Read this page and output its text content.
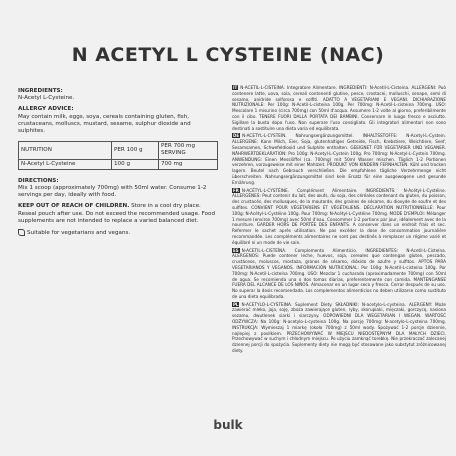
N ACETYL L CYSTEINE (NAC)

INGREDIENTS:

N-Acetyl L-Cysteine.

ALLERGY ADVICE:

May contain milk, eggs, soya, cereals containing gluten, fish, crustaceans, molluscs, mustard, sesame, sulphur dioxide and sulphites.

NUTRITION	PER 100 g	PER 700 mg SERVING
N-Acetyl L-Cysteine	100 g	700 mg

DIRECTIONS:

Mix 1 scoop (approximately 700mg) with 50ml water. Consume 1-2 servings per day, ideally with food.

KEEP OUT OF REACH OF CHILDREN. Store in a cool dry place. Reseal pouch after use. Do not exceed the recommended usage. Food supplements are not intended to replace a varied balanced diet.

Suitable for vegetarians and vegans.
IT N-ACETIL-L-CISTEINA. Integratore Alimentare. INGREDIENTI: N-Acetil-L-Cisteina. ALLERGENI: Può contenere latte, uova, soia, cereali contenenti glutine, pesce, crostacei, molluschi, senape, semi di sesamo, anidride solforosa e solfiti. ADATTO A VEGETARIANI E VEGANI. DICHIARAZIONE NUTRIZIONALE: Per 100g: N-Acetil-L-cisteina 100g. Per 700mg: N-Acetil-L-cisteina 700mg. USO: Mescolare 1 misurino (circa 700mg) con 50ml d'acqua. Assumere 1-2 volte al giorno, preferibilmente con il cibo. TENERE FUORI DALLA PORTATA DEI BAMBINI. Conservare in luogo fresco e asciutto. Sigillare la busta dopo l'uso. Non superare l'uso consigliato. Gli integratori alimentari non sono destinati a sostituire una dieta varia ed equilibrata.
DE N-ACETYL-L-CYSTEIN. Nahrungsergänzungsmittel. INHALTSSTOFFE: N-Acetyl-L-Cystein. ALLERGENE: Kann Milch, Eier, Soja, glutenhaltiges Getreide, Fisch, Krebstiere, Weichtiere, Senf, Sesamsamen, Schwefeldioxid und Sulphite enthalten. GEEIGNET FÜR VEGETARIER UND VEGANER. NÄHRWERTDEKLARATION: Pro 100g: N-Acetyl-L-Cystein 100g. Pro 700mg: N-Acetyl-L-Cystein 700mg. ANWENDUNG: Einen Messlöffel (ca. 700mg) mit 50ml Wasser mischen. Täglich 1-2 Portionen verzehren, vorzugsweise mit einer Mahlzeit. PRODUKT VON KINDERN FERNHALTEN. Kühl und trocken lagern. Beutel nach Gebrauch verschließen. Die empfohlene tägliche Verzehrmenge nicht überschreiten. Nahrungsergänzungsmittel sind kein Ersatz für eine ausgewogene und gesunde Ernährung.
FR N-ACÉTYL-L-CYSTÉINE. Complément Alimentaire. INGRÉDIENTS: N-Acétyl-L-Cystéine. ALLERGÈNES: Peut contenir du lait, des œufs, du soja, des céréales contenant du gluten, du poisson, des crustacés, des mollusques, de la moutarde, des graines de sésame, du dioxyde de soufre et des sulfites. CONVIENT POUR VÉGÉTARIENS ET VÉGÉTALIENS. DÉCLARATION NUTRITIONNELLE: Pour 100g: N-Acétyl-L-Cystéine 100g. Pour 700mg: N-Acétyl-L-Cystéine 700mg. MODE D'EMPLOI: Mélanger 1 mesure (environ 700mg) avec 50ml d'eau. Consommer 1-2 portions par jour, idéalement avec de la nourriture. GARDER HORS DE PORTÉE DES ENFANTS. A conserver dans un endroit frais et sec. Refermer le sachet après utilisation. Ne pas excéder la dose de consommation journalière recommandée. Les compléments alimentaires ne sont pas destinés à remplacer un régime varié et équilibré ni un mode de vie sain.
ES N-ACETIL-L-CISTEÍNA. Complemento Alimenticio. INGREDIENTES: N-Acetil-L-Cisteína. ALÉRGENOS: Puede contener leche, huevos, soja, cereales que contengan gluten, pescado, crustáceos, moluscos, mostaza, granos de sésamo, dióxido de azufre y sulfitos. APTOS PARA VEGETARIANOS Y VEGANOS. INFORMACIÓN NUTRICIONAL: Por 100g: N-Acetil-L-cisteína 100g. Por 700mg: N-Acetil-L-cisteína 700mg. USO: Mezclar 1 cucharada (aproximadamente 700mg) con 50ml de agua. Se recomienda una o dos tomas diarias, preferentemente con comida. MANTENGANSE FUERA DEL ALCANCE DE LOS NIÑOS. Almacenar en un lugar seco y fresco. Cerrar después de su uso. No superar la dosis recomendada. Los complementos alimenticios no deben utilizarse como sustituto de una dieta equilibrada.
PL N-ACETYLO-L-CYSTEINA. Suplement Diety. SKŁADNIKI: N-acetylo-L-cysteina. ALERGENY: Może zawierać mleko, jaja, soję, zboża zawierające gluten, ryby, skorupiaki, mięczaki, gorczycę, nasiona sezamu, dwutlenek siarki i siarczyny. ODPOWIEDNI DLA WEGETARIAN I WEGAN. WARTOŚĆ ODŻYWCZA: Na 100g: N-acetylo-L-cysteina 100g. Na porcję 700mg: N-acetylo-L-cysteina 700mg. INSTRUKCJA: Wymieszaj 1 miarkę (około 700mg) z 50ml wody. Spożywać 1-2 porcje dziennie, najlepiej z posiłkiem. PRZECHOWYWAĆ W MIEJSCU NIEDOSTĘPNYM DLA MAŁYCH DZIECI. Przechowywać w suchym i chłodnym miejscu. Po użyciu zamknąć torebkę. Nie przekraczać zalecanej dziennej porcji do spożycia. Suplementy diety nie mogą być stosowane jako substytut zróżnicowanej diety.
bulk
